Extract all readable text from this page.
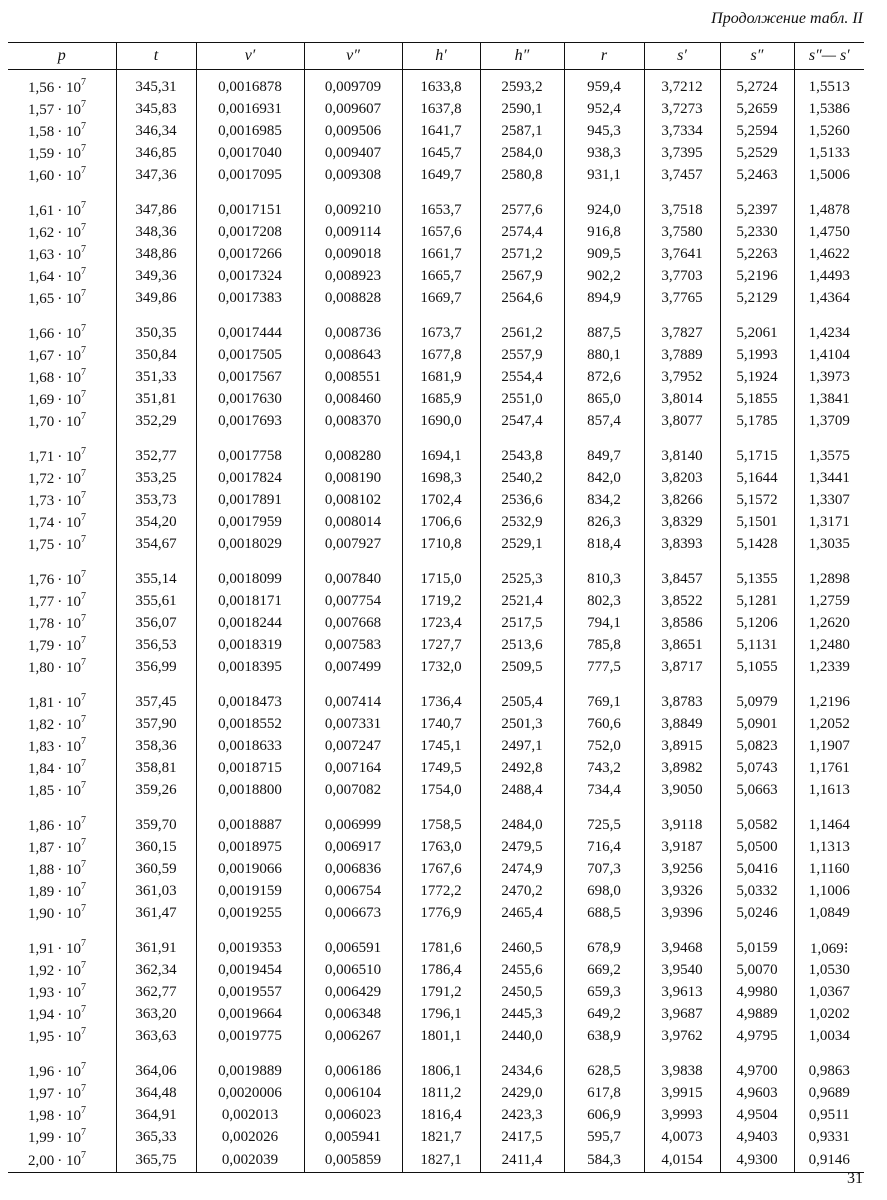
Продолжение табл. II
p	t	v′	v″	h′	h″	r	s′	s″	s″— s′
$1,56 \cdot 10^7$	345,31	0,0016878	0,009709	1633,8	2593,2	959,4	3,7212	5,2724	1,5513
$1,57 \cdot 10^7$	345,83	0,0016931	0,009607	1637,8	2590,1	952,4	3,7273	5,2659	1,5386
$1,58 \cdot 10^7$	346,34	0,0016985	0,009506	1641,7	2587,1	945,3	3,7334	5,2594	1,5260
$1,59 \cdot 10^7$	346,85	0,0017040	0,009407	1645,7	2584,0	938,3	3,7395	5,2529	1,5133
$1,60 \cdot 10^7$	347,36	0,0017095	0,009308	1649,7	2580,8	931,1	3,7457	5,2463	1,5006

$1,61 \cdot 10^7$	347,86	0,0017151	0,009210	1653,7	2577,6	924,0	3,7518	5,2397	1,4878
$1,62 \cdot 10^7$	348,36	0,0017208	0,009114	1657,6	2574,4	916,8	3,7580	5,2330	1,4750
$1,63 \cdot 10^7$	348,86	0,0017266	0,009018	1661,7	2571,2	909,5	3,7641	5,2263	1,4622
$1,64 \cdot 10^7$	349,36	0,0017324	0,008923	1665,7	2567,9	902,2	3,7703	5,2196	1,4493
$1,65 \cdot 10^7$	349,86	0,0017383	0,008828	1669,7	2564,6	894,9	3,7765	5,2129	1,4364

$1,66 \cdot 10^7$	350,35	0,0017444	0,008736	1673,7	2561,2	887,5	3,7827	5,2061	1,4234
$1,67 \cdot 10^7$	350,84	0,0017505	0,008643	1677,8	2557,9	880,1	3,7889	5,1993	1,4104
$1,68 \cdot 10^7$	351,33	0,0017567	0,008551	1681,9	2554,4	872,6	3,7952	5,1924	1,3973
$1,69 \cdot 10^7$	351,81	0,0017630	0,008460	1685,9	2551,0	865,0	3,8014	5,1855	1,3841
$1,70 \cdot 10^7$	352,29	0,0017693	0,008370	1690,0	2547,4	857,4	3,8077	5,1785	1,3709

$1,71 \cdot 10^7$	352,77	0,0017758	0,008280	1694,1	2543,8	849,7	3,8140	5,1715	1,3575
$1,72 \cdot 10^7$	353,25	0,0017824	0,008190	1698,3	2540,2	842,0	3,8203	5,1644	1,3441
$1,73 \cdot 10^7$	353,73	0,0017891	0,008102	1702,4	2536,6	834,2	3,8266	5,1572	1,3307
$1,74 \cdot 10^7$	354,20	0,0017959	0,008014	1706,6	2532,9	826,3	3,8329	5,1501	1,3171
$1,75 \cdot 10^7$	354,67	0,0018029	0,007927	1710,8	2529,1	818,4	3,8393	5,1428	1,3035

$1,76 \cdot 10^7$	355,14	0,0018099	0,007840	1715,0	2525,3	810,3	3,8457	5,1355	1,2898
$1,77 \cdot 10^7$	355,61	0,0018171	0,007754	1719,2	2521,4	802,3	3,8522	5,1281	1,2759
$1,78 \cdot 10^7$	356,07	0,0018244	0,007668	1723,4	2517,5	794,1	3,8586	5,1206	1,2620
$1,79 \cdot 10^7$	356,53	0,0018319	0,007583	1727,7	2513,6	785,8	3,8651	5,1131	1,2480
$1,80 \cdot 10^7$	356,99	0,0018395	0,007499	1732,0	2509,5	777,5	3,8717	5,1055	1,2339

$1,81 \cdot 10^7$	357,45	0,0018473	0,007414	1736,4	2505,4	769,1	3,8783	5,0979	1,2196
$1,82 \cdot 10^7$	357,90	0,0018552	0,007331	1740,7	2501,3	760,6	3,8849	5,0901	1,2052
$1,83 \cdot 10^7$	358,36	0,0018633	0,007247	1745,1	2497,1	752,0	3,8915	5,0823	1,1907
$1,84 \cdot 10^7$	358,81	0,0018715	0,007164	1749,5	2492,8	743,2	3,8982	5,0743	1,1761
$1,85 \cdot 10^7$	359,26	0,0018800	0,007082	1754,0	2488,4	734,4	3,9050	5,0663	1,1613

$1,86 \cdot 10^7$	359,70	0,0018887	0,006999	1758,5	2484,0	725,5	3,9118	5,0582	1,1464
$1,87 \cdot 10^7$	360,15	0,0018975	0,006917	1763,0	2479,5	716,4	3,9187	5,0500	1,1313
$1,88 \cdot 10^7$	360,59	0,0019066	0,006836	1767,6	2474,9	707,3	3,9256	5,0416	1,1160
$1,89 \cdot 10^7$	361,03	0,0019159	0,006754	1772,2	2470,2	698,0	3,9326	5,0332	1,1006
$1,90 \cdot 10^7$	361,47	0,0019255	0,006673	1776,9	2465,4	688,5	3,9396	5,0246	1,0849

$1,91 \cdot 10^7$	361,91	0,0019353	0,006591	1781,6	2460,5	678,9	3,9468	5,0159	1,069⁝
$1,92 \cdot 10^7$	362,34	0,0019454	0,006510	1786,4	2455,6	669,2	3,9540	5,0070	1,0530
$1,93 \cdot 10^7$	362,77	0,0019557	0,006429	1791,2	2450,5	659,3	3,9613	4,9980	1,0367
$1,94 \cdot 10^7$	363,20	0,0019664	0,006348	1796,1	2445,3	649,2	3,9687	4,9889	1,0202
$1,95 \cdot 10^7$	363,63	0,0019775	0,006267	1801,1	2440,0	638,9	3,9762	4,9795	1,0034

$1,96 \cdot 10^7$	364,06	0,0019889	0,006186	1806,1	2434,6	628,5	3,9838	4,9700	0,9863
$1,97 \cdot 10^7$	364,48	0,0020006	0,006104	1811,2	2429,0	617,8	3,9915	4,9603	0,9689
$1,98 \cdot 10^7$	364,91	0,002013	0,006023	1816,4	2423,3	606,9	3,9993	4,9504	0,9511
$1,99 \cdot 10^7$	365,33	0,002026	0,005941	1821,7	2417,5	595,7	4,0073	4,9403	0,9331
$2,00 \cdot 10^7$	365,75	0,002039	0,005859	1827,1	2411,4	584,3	4,0154	4,9300	0,9146
31
